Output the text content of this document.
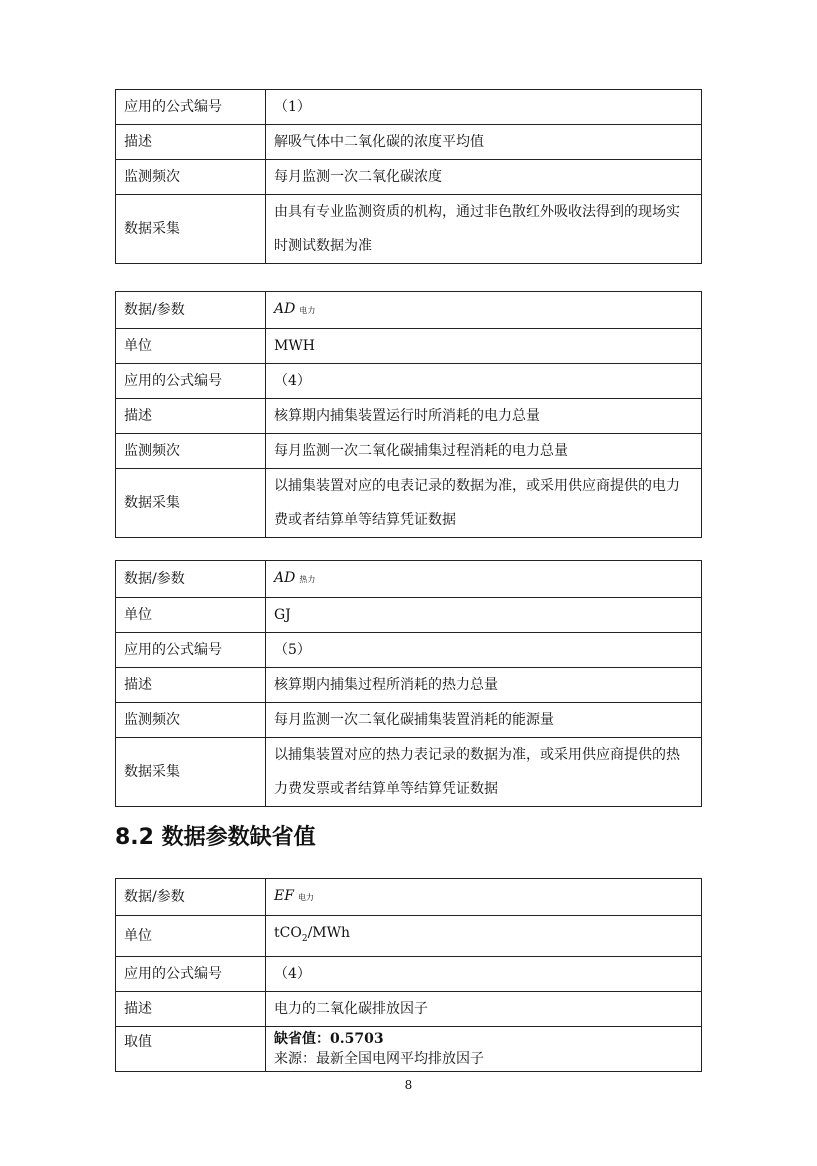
应用的公式编号	（1）
描述	解吸气体中二氧化碳的浓度平均值
监测频次	每月监测一次二氧化碳浓度
数据采集	由具有专业监测资质的机构，通过非色散红外吸收法得到的现场实时测试数据为准
数据/参数	AD 电力
单位	MWH
应用的公式编号	（4）
描述	核算期内捕集装置运行时所消耗的电力总量
监测频次	每月监测一次二氧化碳捕集过程消耗的电力总量
数据采集	以捕集装置对应的电表记录的数据为准，或采用供应商提供的电力费或者结算单等结算凭证数据
数据/参数	AD 热力
单位	GJ
应用的公式编号	（5）
描述	核算期内捕集过程所消耗的热力总量
监测频次	每月监测一次二氧化碳捕集装置消耗的能源量
数据采集	以捕集装置对应的热力表记录的数据为准，或采用供应商提供的热力费发票或者结算单等结算凭证数据
8.2 数据参数缺省值
数据/参数	EF 电力
单位	tCO$_2$/MWh
应用的公式编号	（4）
描述	电力的二氧化碳排放因子
取值	缺省值：0.5703
来源：最新全国电网平均排放因子
8
